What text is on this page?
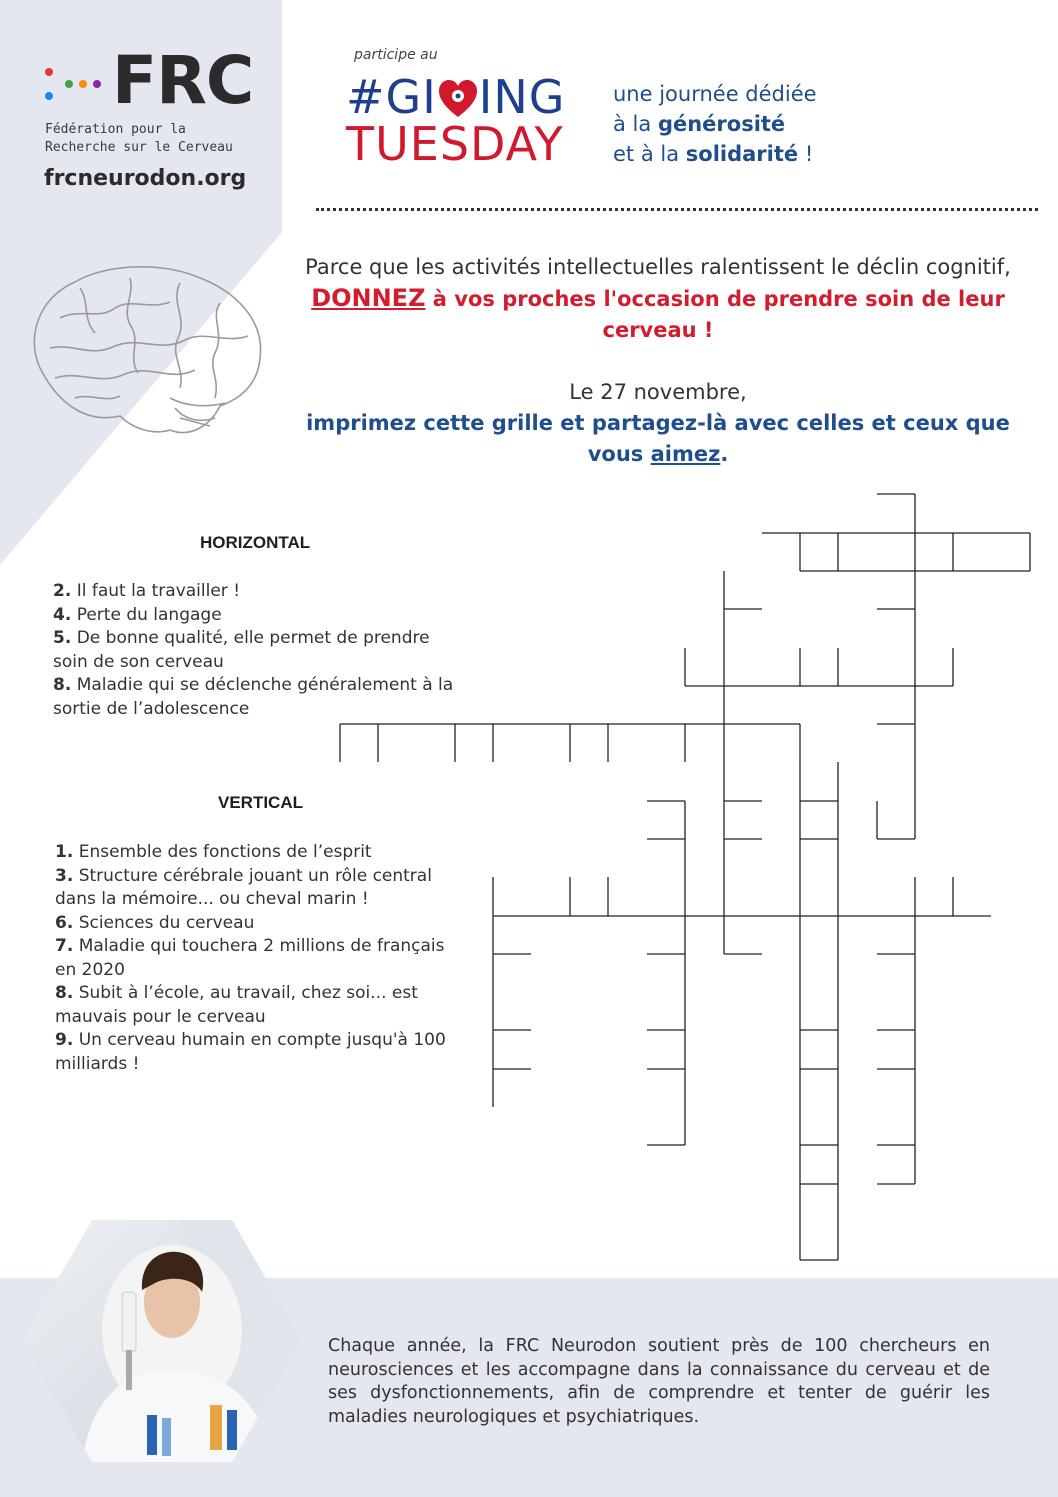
FRC
Fédération pour la
Recherche sur le Cerveau
frcneurodon.org
participe au
#GI ING
TUESDAY
une journée dédiée
à la générosité
et à la solidarité !
Parce que les activités intellectuelles ralentissent le déclin cognitif, DONNEZ à vos proches l'occasion de prendre soin de leur cerveau !
Le 27 novembre,
imprimez cette grille et partagez-là avec celles et ceux que vous aimez.
HORIZONTAL

2. Il faut la travailler !

4. Perte du langage

5. De bonne qualité, elle permet de prendre soin de son cerveau

8. Maladie qui se déclenche généralement à la sortie de l’adolescence

VERTICAL

1. Ensemble des fonctions de l’esprit

3. Structure cérébrale jouant un rôle central dans la mémoire... ou cheval marin !

6. Sciences du cerveau

7. Maladie qui touchera 2 millions de français en 2020

8. Subit à l’école, au travail, chez soi... est mauvais pour le cerveau

9. Un cerveau humain en compte jusqu'à 100 milliards !

Chaque année, la FRC Neurodon soutient près de 100 chercheurs en neurosciences et les accompagne dans la connaissance du cerveau et de ses dysfonctionnements, afin de comprendre et tenter de guérir les maladies neurologiques et psychiatriques.
